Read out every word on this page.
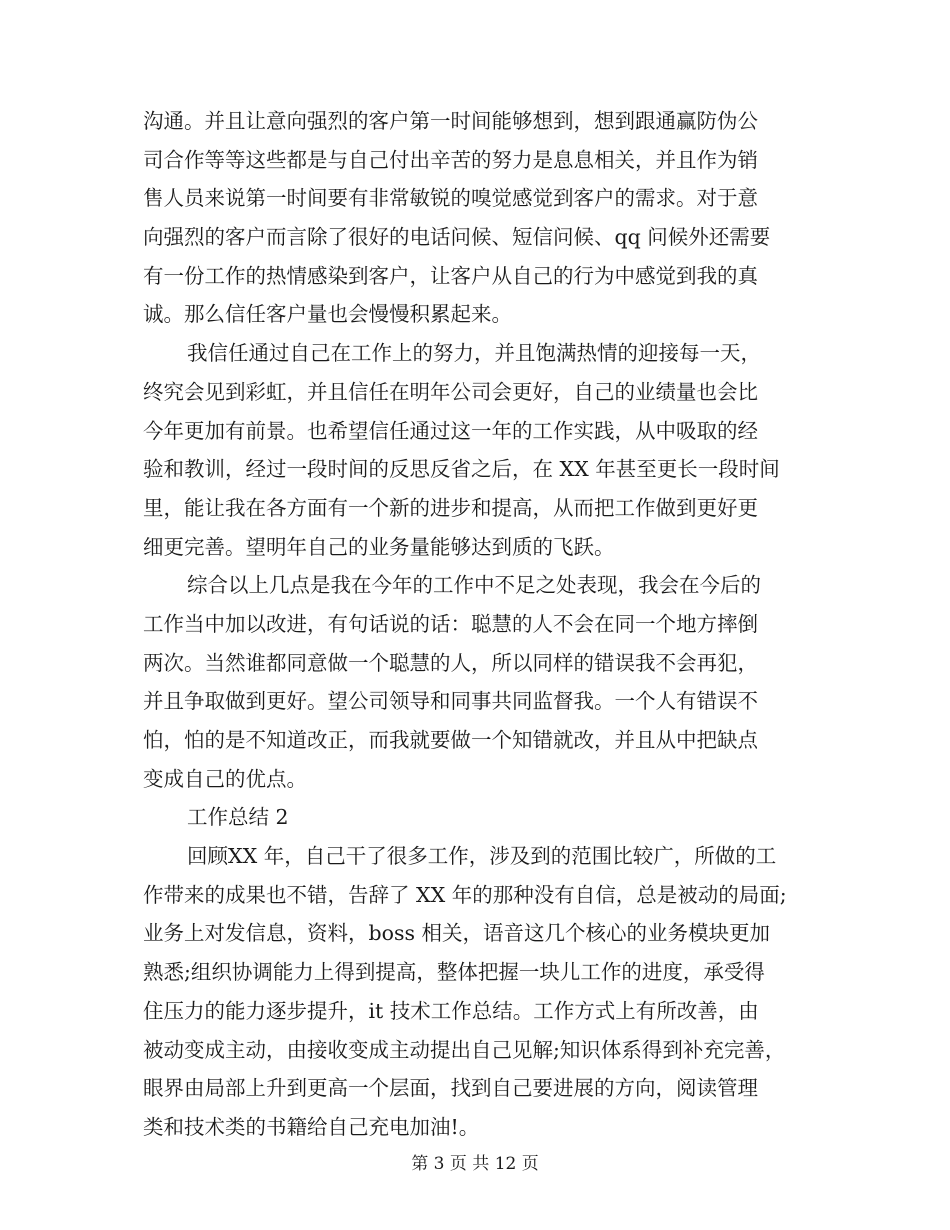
沟通。并且让意向强烈的客户第一时间能够想到，想到跟通赢防伪公
司合作等等这些都是与自己付出辛苦的努力是息息相关，并且作为销
售人员来说第一时间要有非常敏锐的嗅觉感觉到客户的需求。对于意
向强烈的客户而言除了很好的电话问候、短信问候、qq 问候外还需要
有一份工作的热情感染到客户，让客户从自己的行为中感觉到我的真
诚。那么信任客户量也会慢慢积累起来。
我信任通过自己在工作上的努力，并且饱满热情的迎接每一天，
终究会见到彩虹，并且信任在明年公司会更好，自己的业绩量也会比
今年更加有前景。也希望信任通过这一年的工作实践，从中吸取的经
验和教训，经过一段时间的反思反省之后，在 XX 年甚至更长一段时间
里，能让我在各方面有一个新的进步和提高，从而把工作做到更好更
细更完善。望明年自己的业务量能够达到质的飞跃。
综合以上几点是我在今年的工作中不足之处表现，我会在今后的
工作当中加以改进，有句话说的话：聪慧的人不会在同一个地方摔倒
两次。当然谁都同意做一个聪慧的人，所以同样的错误我不会再犯，
并且争取做到更好。望公司领导和同事共同监督我。一个人有错误不
怕，怕的是不知道改正，而我就要做一个知错就改，并且从中把缺点
变成自己的优点。
工作总结 2
回顾XX 年，自己干了很多工作，涉及到的范围比较广，所做的工
作带来的成果也不错，告辞了 XX 年的那种没有自信，总是被动的局面;
业务上对发信息，资料，boss 相关，语音这几个核心的业务模块更加
熟悉;组织协调能力上得到提高，整体把握一块儿工作的进度，承受得
住压力的能力逐步提升，it 技术工作总结。工作方式上有所改善，由
被动变成主动，由接收变成主动提出自己见解;知识体系得到补充完善，
眼界由局部上升到更高一个层面，找到自己要进展的方向，阅读管理
类和技术类的书籍给自己充电加油!。
第 3 页 共 12 页
